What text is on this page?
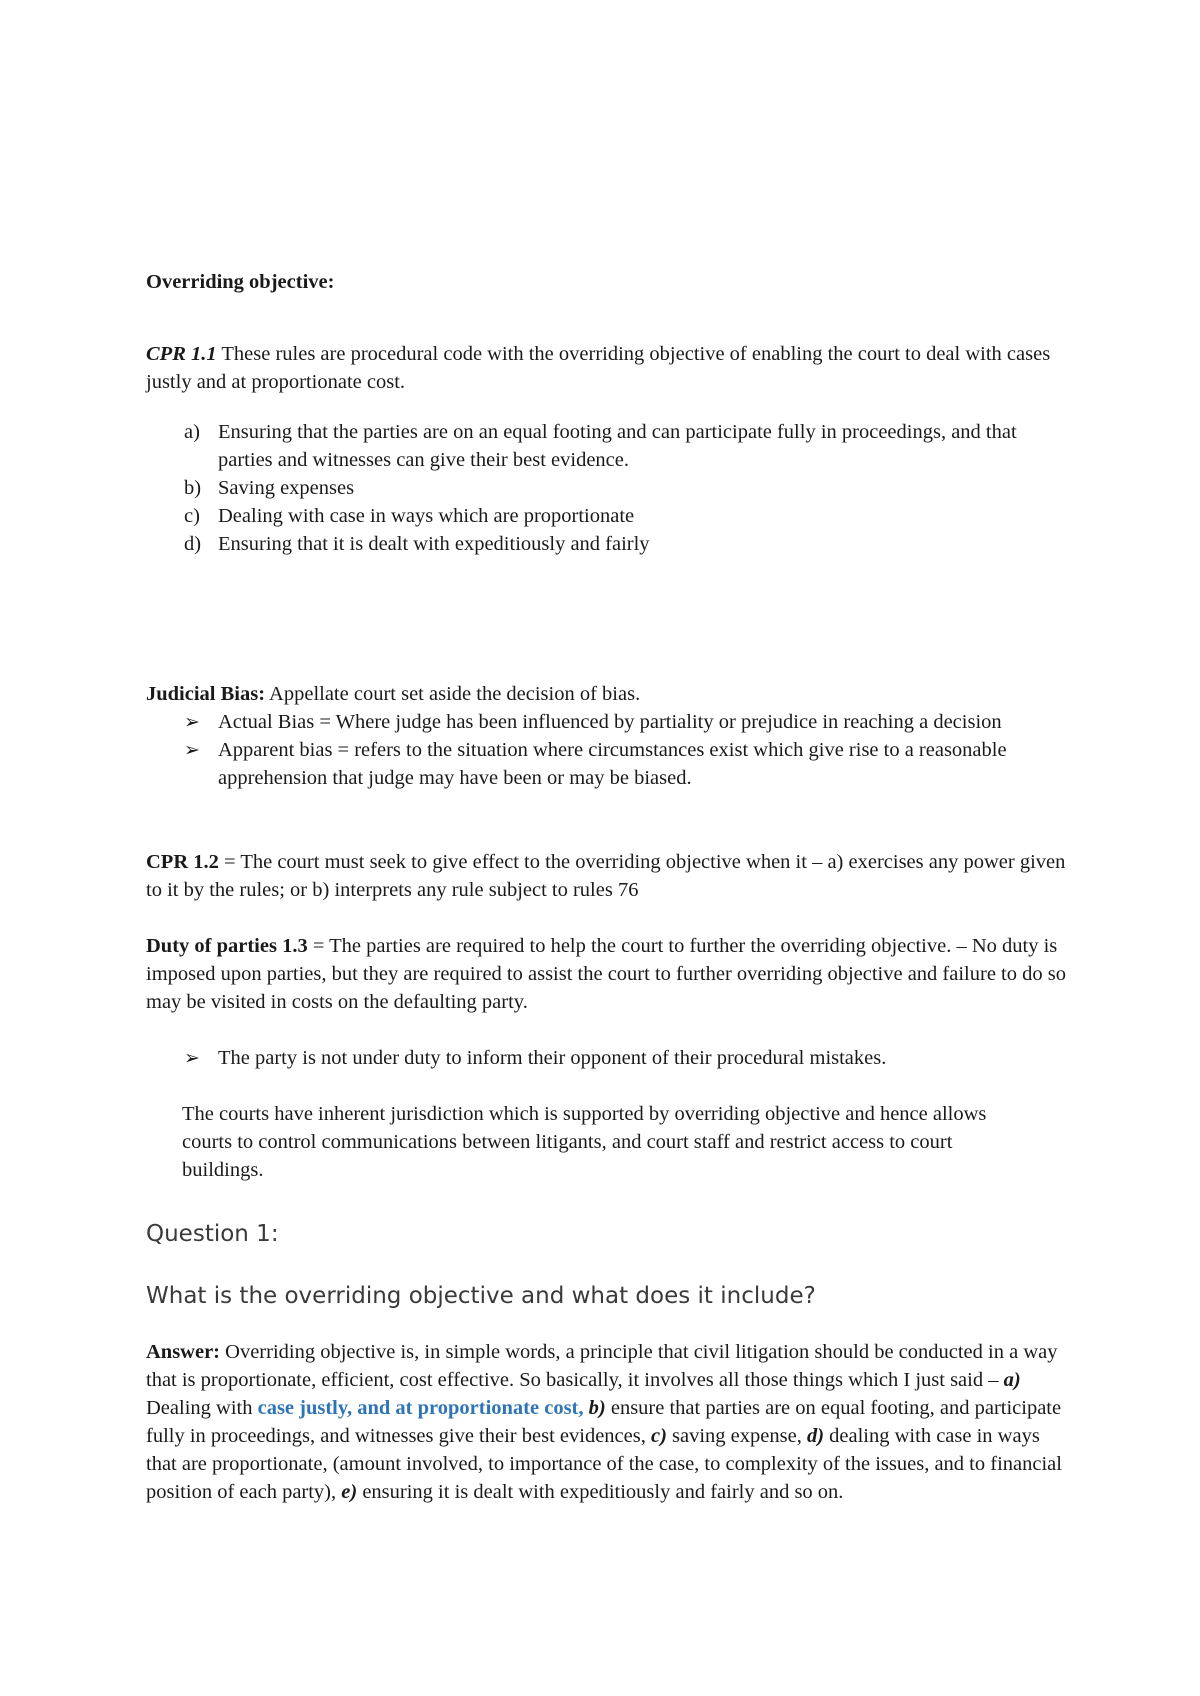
Overriding objective:

CPR 1.1 These rules are procedural code with the overriding objective of enabling the court to deal with cases justly and at proportionate cost.

a) Ensuring that the parties are on an equal footing and can participate fully in proceedings, and that parties and witnesses can give their best evidence.
b) Saving expenses
c) Dealing with case in ways which are proportionate
d) Ensuring that it is dealt with expeditiously and fairly

Judicial Bias: Appellate court set aside the decision of bias.

➢ Actual Bias = Where judge has been influenced by partiality or prejudice in reaching a decision
➢ Apparent bias = refers to the situation where circumstances exist which give rise to a reasonable apprehension that judge may have been or may be biased.

CPR 1.2 = The court must seek to give effect to the overriding objective when it – a) exercises any power given to it by the rules; or b) interprets any rule subject to rules 76

Duty of parties 1.3 = The parties are required to help the court to further the overriding objective. – No duty is imposed upon parties, but they are required to assist the court to further overriding objective and failure to do so may be visited in costs on the defaulting party.

➢ The party is not under duty to inform their opponent of their procedural mistakes.

The courts have inherent jurisdiction which is supported by overriding objective and hence allows courts to control communications between litigants, and court staff and restrict access to court buildings.

Question 1:

What is the overriding objective and what does it include?

Answer: Overriding objective is, in simple words, a principle that civil litigation should be conducted in a way that is proportionate, efficient, cost effective. So basically, it involves all those things which I just said – a) Dealing with case justly, and at proportionate cost, b) ensure that parties are on equal footing, and participate fully in proceedings, and witnesses give their best evidences, c) saving expense, d) dealing with case in ways that are proportionate, (amount involved, to importance of the case, to complexity of the issues, and to financial position of each party), e) ensuring it is dealt with expeditiously and fairly and so on.
